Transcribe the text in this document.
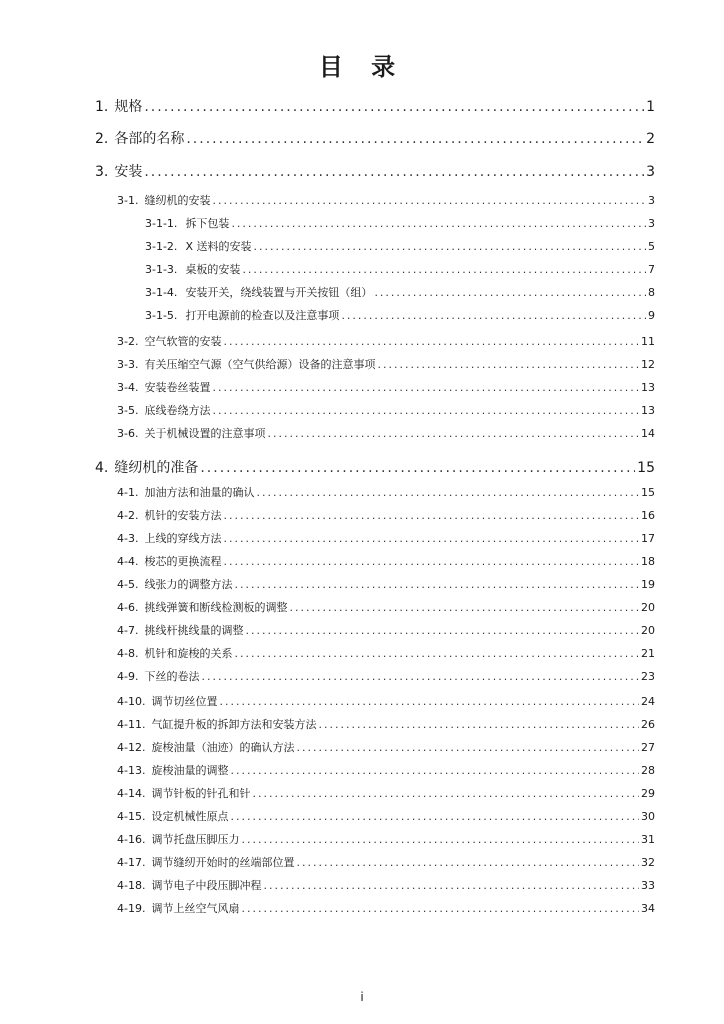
目 录
1. 规格 .....	1
2. 各部的名称 .....	2
3. 安装 .....	3
3-1. 缝纫机的安装 .....	3
3-1-1. 拆下包装 .....	3
3-1-2. X 送料的安装 .....	5
3-1-3. 桌板的安装 .....	7
3-1-4. 安装开关，绕线装置与开关按钮（组） .....	8
3-1-5. 打开电源前的检查以及注意事项 .....	9
3-2. 空气软管的安装 .....	11
3-3. 有关压缩空气源（空气供给源）设备的注意事项 .....	12
3-4. 安装卷丝装置 .....	13
3-5. 底线卷绕方法 .....	13
3-6. 关于机械设置的注意事项 .....	14
4. 缝纫机的准备 .....	15
4-1. 加油方法和油量的确认 .....	15
4-2. 机针的安装方法 .....	16
4-3. 上线的穿线方法 .....	17
4-4. 梭芯的更换流程 .....	18
4-5. 线张力的调整方法 .....	19
4-6. 挑线弹簧和断线检测板的调整 .....	20
4-7. 挑线杆挑线量的调整 .....	20
4-8. 机针和旋梭的关系 .....	21
4-9. 下丝的卷法 .....	23
4-10. 调节切丝位置 .....	24
4-11. 气缸提升板的拆卸方法和安装方法 .....	26
4-12. 旋梭油量（油迹）的确认方法 .....	27
4-13. 旋梭油量的调整 .....	28
4-14. 调节针板的针孔和针 .....	29
4-15. 设定机械性原点 .....	30
4-16. 调节托盘压脚压力 .....	31
4-17. 调节缝纫开始时的丝端部位置 .....	32
4-18. 调节电子中段压脚冲程 .....	33
4-19. 调节上丝空气风扇 .....	34
i
